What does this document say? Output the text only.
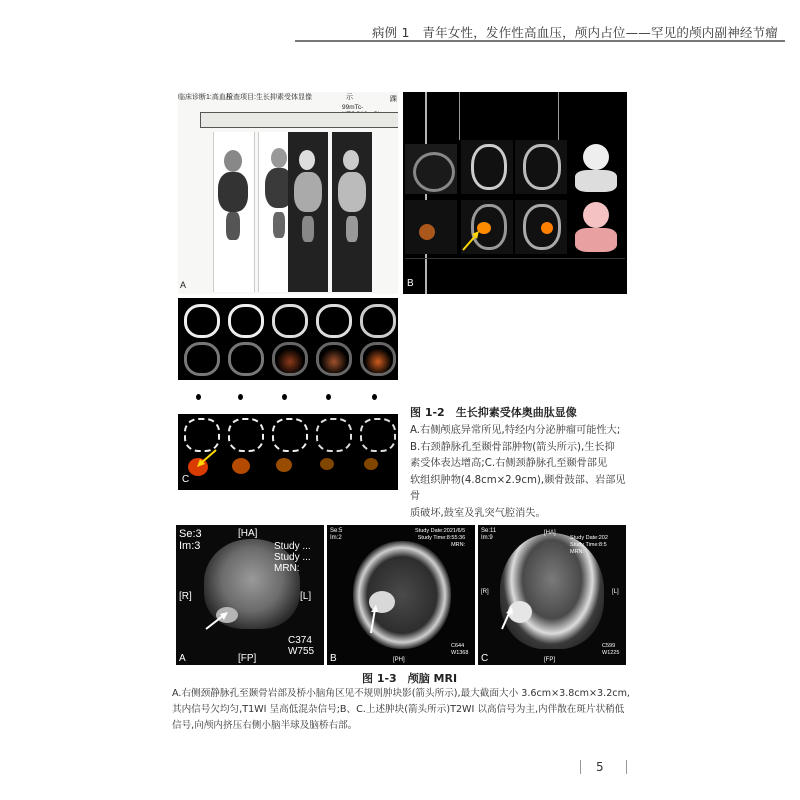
病例 1　青年女性，发作性高血压，颅内占位——罕见的颅内副神经节瘤
临床诊断1:高血压
检查项目:生长抑素受体显像	示	踝
99mTc-
A	B
C
图 1-2　生长抑素受体奥曲肽显像
A.右侧颅底异常所见,特经内分泌肿瘤可能性大;
B.右颈静脉孔至颞骨部肿物(箭头所示),生长抑
素受体表达增高;C.右侧颈静脉孔至颞骨部见
软组织肿物(4.8cm×2.9cm),颞骨鼓部、岩部见骨
质破坏,鼓室及乳突气腔消失。
Se:3
Im:3
[HA]
Study ...
Study ...
MRN:
[R]	[L]
C374
W755
[FP]
A
Se:5
Im:2
Study Date:2021/6/5
Study Time:8:55:36
MRN:
[PH]
C644
W1368
B
Se:11
Im:9
[HA]
Study Date:202
Study Time:8:5
MRN:
[R]	[L]
[FP]
C599
W1225
C
图 1-3　颅脑 MRI
A.右侧颈静脉孔至颞骨岩部及桥小脑角区见不规则肿块影(箭头所示),最大截面大小 3.6cm×3.8cm×3.2cm,
其内信号欠均匀,T1WI 呈高低混杂信号;B、C.上述肿块(箭头所示)T2WI 以高信号为主,内伴散在斑片状稍低
信号,向颅内挤压右侧小脑半球及脑桥右部。
5
